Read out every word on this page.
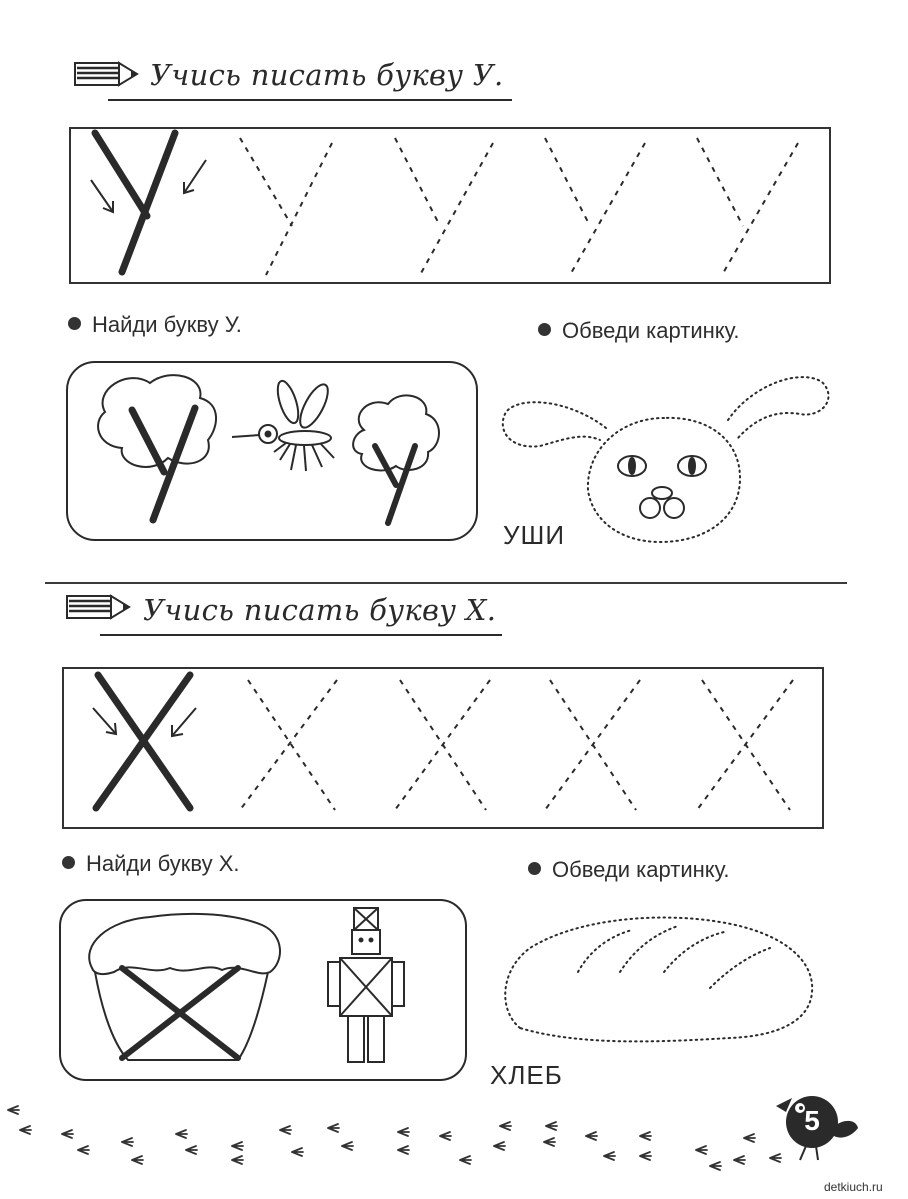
Учись писать букву У.
Найди букву У.	Обведи картинку.
УШИ
Учись писать букву Х.
Найди букву Х.	Обведи картинку.
ХЛЕБ
5
detkiuch.ru
